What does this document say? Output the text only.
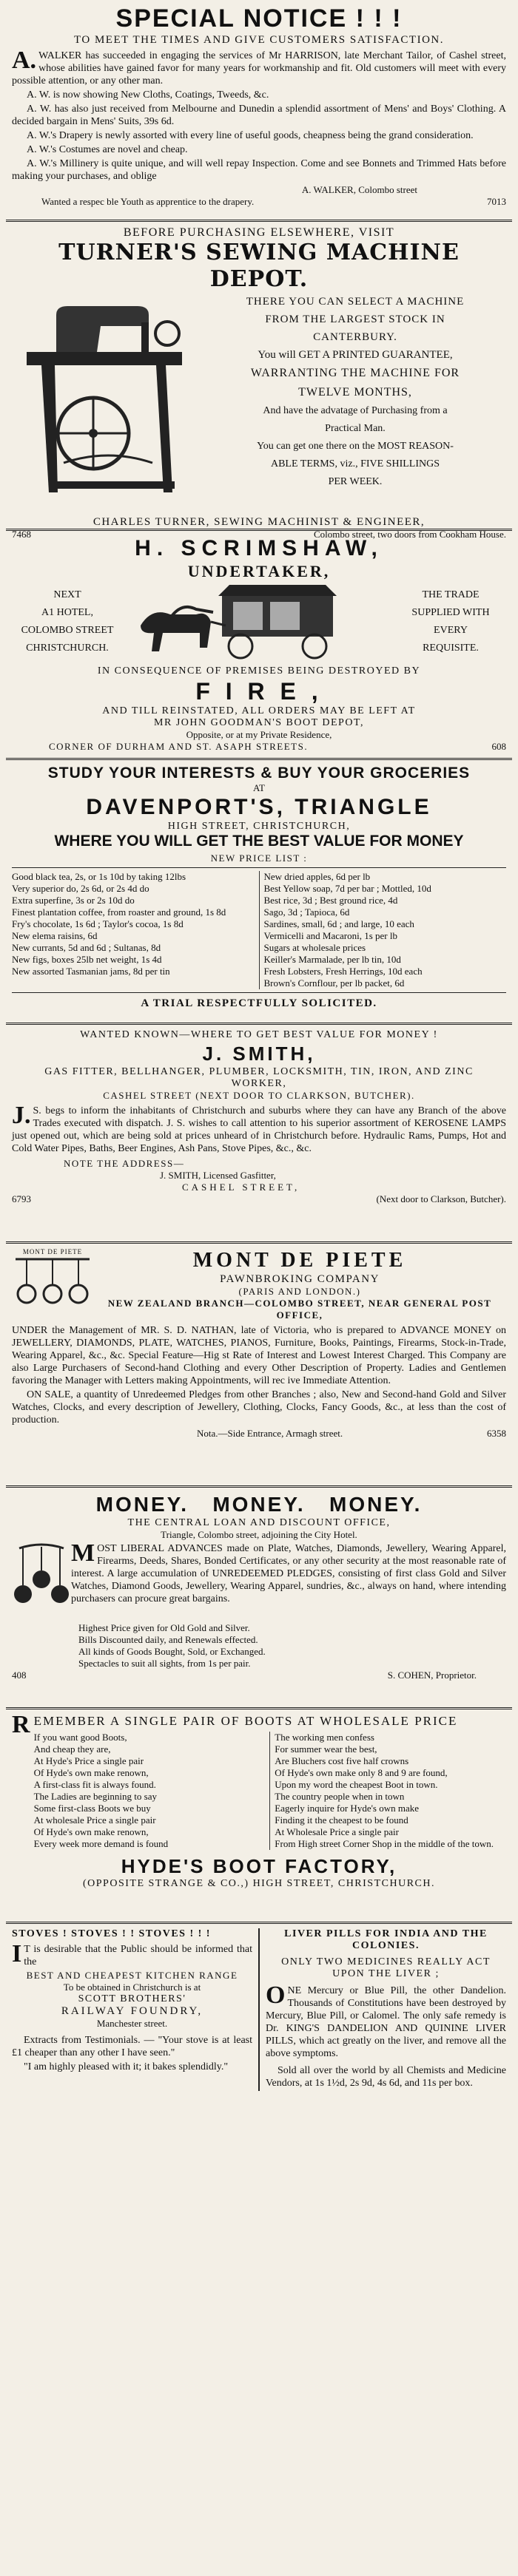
SPECIAL NOTICE ! ! !
TO MEET THE TIMES AND GIVE CUSTOMERS SATISFACTION.
A.WALKER has succeeded in engaging the services of Mr HARRISON, late Merchant Tailor, of Cashel street, whose abilities have gained favor for many years for workmanship and fit. Old customers will meet with every possible attention, or any other man.
A. W. is now showing New Cloths, Coatings, Tweeds, &c.
A. W. has also just received from Melbourne and Dunedin a splendid assortment of Mens' and Boys' Clothing. A decided bargain in Mens' Suits, 39s 6d.
A. W.'s Drapery is newly assorted with every line of useful goods, cheapness being the grand consideration.
A. W.'s Costumes are novel and cheap.
A. W.'s Millinery is quite unique, and will well repay Inspection. Come and see Bonnets and Trimmed Hats before making your purchases, and oblige
A. WALKER, Colombo street
Wanted a respec ble Youth as apprentice to the drapery.	7013
BEFORE PURCHASING ELSEWHERE, VISIT
TURNER'S SEWING MACHINE DEPOT.
THERE YOU CAN SELECT A MACHINE
FROM THE LARGEST STOCK IN
CANTERBURY.
You will GET A PRINTED GUARANTEE,
WARRANTING THE MACHINE FOR
TWELVE MONTHS,
And have the advatage of Purchasing from a
Practical Man.
You can get one there on the MOST REASON-
ABLE TERMS, viz., FIVE SHILLINGS
PER WEEK.
CHARLES TURNER, SEWING MACHINIST & ENGINEER,
7468	Colombo street, two doors from Cookham House.
H. SCRIMSHAW,
UNDERTAKER,
NEXT
A1 HOTEL,
COLOMBO STREET
CHRISTCHURCH.
THE TRADE
SUPPLIED WITH
EVERY
REQUISITE.
IN CONSEQUENCE OF PREMISES BEING DESTROYED BY
F I R E ,
AND TILL REINSTATED, ALL ORDERS MAY BE LEFT AT
MR JOHN GOODMAN'S BOOT DEPOT,
Opposite, or at my Private Residence,
CORNER OF DURHAM AND ST. ASAPH STREETS.	608
STUDY YOUR INTERESTS & BUY YOUR GROCERIES
AT
DAVENPORT'S, TRIANGLE
HIGH STREET, CHRISTCHURCH,
WHERE YOU WILL GET THE BEST VALUE FOR MONEY
NEW PRICE LIST :
Good black tea, 2s, or 1s 10d by taking 12lbs
Very superior do, 2s 6d, or 2s 4d do
Extra superfine, 3s or 2s 10d do
Finest plantation coffee, from roaster and ground, 1s 8d
Fry's chocolate, 1s 6d ; Taylor's cocoa, 1s 8d
New elema raisins, 6d
New currants, 5d and 6d ; Sultanas, 8d
New figs, boxes 25lb net weight, 1s 4d
New assorted Tasmanian jams, 8d per tin
New dried apples, 6d per lb
Best Yellow soap, 7d per bar ; Mottled, 10d
Best rice, 3d ; Best ground rice, 4d
Sago, 3d ; Tapioca, 6d
Sardines, small, 6d ; and large, 10 each
Vermicelli and Macaroni, 1s per lb
Sugars at wholesale prices
Keiller's Marmalade, per lb tin, 10d
Fresh Lobsters, Fresh Herrings, 10d each
Brown's Cornflour, per lb packet, 6d
A TRIAL RESPECTFULLY SOLICITED.
WANTED KNOWN—WHERE TO GET BEST VALUE FOR MONEY !
J. SMITH,
GAS FITTER, BELLHANGER, PLUMBER, LOCKSMITH, TIN, IRON, AND ZINC WORKER,
CASHEL STREET (NEXT DOOR TO CLARKSON, BUTCHER).
J.S. begs to inform the inhabitants of Christchurch and suburbs where they can have any Branch of the above Trades executed with dispatch. J. S. wishes to call attention to his superior assortment of KEROSENE LAMPS just opened out, which are being sold at prices unheard of in Christchurch before. Hydraulic Rams, Pumps, Hot and Cold Water Pipes, Baths, Beer Engines, Ash Pans, Stove Pipes, &c., &c.
NOTE THE ADDRESS—
J. SMITH, Licensed Gasfitter,
CASHEL STREET,
6793	(Next door to Clarkson, Butcher).
MONT DE PIETE	MONT DE PIETE
PAWNBROKING COMPANY
(PARIS AND LONDON.)
NEW ZEALAND BRANCH—COLOMBO STREET, NEAR GENERAL POST OFFICE,
UNDER the Management of MR. S. D. NATHAN, late of Victoria, who is prepared to ADVANCE MONEY on JEWELLERY, DIAMONDS, PLATE, WATCHES, PIANOS, Furniture, Books, Paintings, Firearms, Stock-in-Trade, Wearing Apparel, &c., &c. Special Feature—Hig st Rate of Interest and Lowest Interest Charged. This Company are also Large Purchasers of Second-hand Clothing and every Other Description of Property. Ladies and Gentlemen favoring the Manager with Letters making Appointments, will rec ive Immediate Attention.
ON SALE, a quantity of Unredeemed Pledges from other Branches ; also, New and Second-hand Gold and Silver Watches, Clocks, and every description of Jewellery, Clothing, Clocks, Fancy Goods, &c., at less than the cost of production.
Nota.—Side Entrance, Armagh street.	6358
MONEY.   MONEY.   MONEY.
THE CENTRAL LOAN AND DISCOUNT OFFICE,
Triangle, Colombo street, adjoining the City Hotel.
MOST LIBERAL ADVANCES made on Plate, Watches, Diamonds, Jewellery, Wearing Apparel, Firearms, Deeds, Shares, Bonded Certificates, or any other security at the most reasonable rate of interest. A large accumulation of UNREDEEMED PLEDGES, consisting of first class Gold and Silver Watches, Diamond Goods, Jewellery, Wearing Apparel, sundries, &c., always on hand, where intending purchasers can procure great bargains.
Highest Price given for Old Gold and Silver.
Bills Discounted daily, and Renewals effected.
All kinds of Goods Bought, Sold, or Exchanged.
Spectacles to suit all sights, from 1s per pair.
408	S. COHEN, Proprietor.
REMEMBER A SINGLE PAIR OF BOOTS AT WHOLESALE PRICE
If you want good Boots,
And cheap they are,
At Hyde's Price a single pair
Of Hyde's own make renown,
A first-class fit is always found.
The Ladies are beginning to say
Some first-class Boots we buy
At wholesale Price a single pair
Of Hyde's own make renown,
Every week more demand is found
The working men confess
For summer wear the best,
Are Bluchers cost five half crowns
Of Hyde's own make only 8 and 9 are found,
Upon my word the cheapest Boot in town.
The country people when in town
Eagerly inquire for Hyde's own make
Finding it the cheapest to be found
At Wholesale Price a single pair
From High street Corner Shop in the middle of the town.
HYDE'S BOOT FACTORY,
(OPPOSITE STRANGE & CO.,) HIGH STREET, CHRISTCHURCH.
STOVES ! STOVES ! ! STOVES ! ! !
IT is desirable that the Public should be informed that the
BEST AND CHEAPEST KITCHEN RANGE
To be obtained in Christchurch is at
SCOTT BROTHERS'
RAILWAY FOUNDRY,
Manchester street.
Extracts from Testimonials. — "Your stove is at least £1 cheaper than any other I have seen."
"I am highly pleased with it; it bakes splendidly."
LIVER PILLS FOR INDIA AND THE COLONIES.
ONLY TWO MEDICINES REALLY ACT UPON THE LIVER ;
ONE Mercury or Blue Pill, the other Dandelion. Thousands of Constitutions have been destroyed by Mercury, Blue Pill, or Calomel. The only safe remedy is Dr. KING'S DANDELION AND QUININE LIVER PILLS, which act greatly on the liver, and remove all the above symptoms.
Sold all over the world by all Chemists and Medicine Vendors, at 1s 1½d, 2s 9d, 4s 6d, and 11s per box.
